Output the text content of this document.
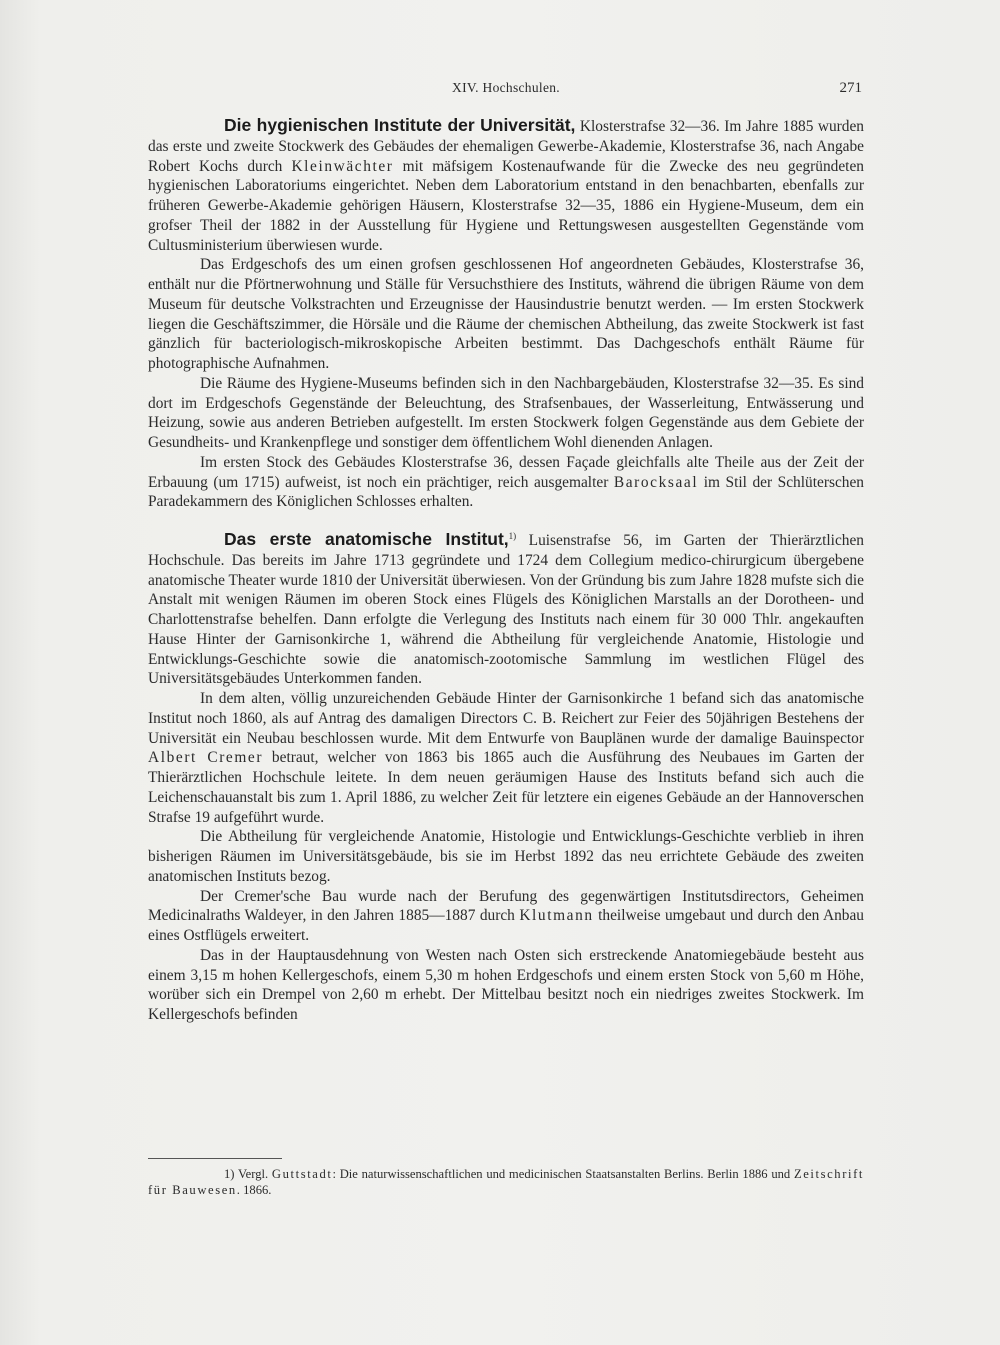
XIV. Hochschulen.	271

Die hygienischen Institute der Universität, Klosterstrafse 32—36. Im Jahre 1885 wurden das erste und zweite Stockwerk des Gebäudes der ehemaligen Gewerbe-Akademie, Klosterstrafse 36, nach Angabe Robert Kochs durch Kleinwächter mit mäfsigem Kostenaufwande für die Zwecke des neu gegründeten hygienischen Laboratoriums eingerichtet. Neben dem Laboratorium entstand in den benachbarten, ebenfalls zur früheren Gewerbe-Akademie gehörigen Häusern, Klosterstrafse 32—35, 1886 ein Hygiene-Museum, dem ein grofser Theil der 1882 in der Ausstellung für Hygiene und Rettungswesen ausgestellten Gegenstände vom Cultusministerium überwiesen wurde.

Das Erdgeschofs des um einen grofsen geschlossenen Hof angeordneten Gebäudes, Klosterstrafse 36, enthält nur die Pförtnerwohnung und Ställe für Versuchsthiere des Instituts, während die übrigen Räume von dem Museum für deutsche Volkstrachten und Erzeugnisse der Hausindustrie benutzt werden. — Im ersten Stockwerk liegen die Geschäftszimmer, die Hörsäle und die Räume der chemischen Abtheilung, das zweite Stockwerk ist fast gänzlich für bacteriologisch-mikroskopische Arbeiten bestimmt. Das Dachgeschofs enthält Räume für photographische Aufnahmen.

Die Räume des Hygiene-Museums befinden sich in den Nachbargebäuden, Klosterstrafse 32—35. Es sind dort im Erdgeschofs Gegenstände der Beleuchtung, des Strafsenbaues, der Wasserleitung, Entwässerung und Heizung, sowie aus anderen Betrieben aufgestellt. Im ersten Stockwerk folgen Gegenstände aus dem Gebiete der Gesundheits- und Krankenpflege und sonstiger dem öffentlichem Wohl dienenden Anlagen.

Im ersten Stock des Gebäudes Klosterstrafse 36, dessen Façade gleichfalls alte Theile aus der Zeit der Erbauung (um 1715) aufweist, ist noch ein prächtiger, reich ausgemalter Barocksaal im Stil der Schlüterschen Paradekammern des Königlichen Schlosses erhalten.

Das erste anatomische Institut,$^{1)}$ Luisenstrafse 56, im Garten der Thierärztlichen Hochschule. Das bereits im Jahre 1713 gegründete und 1724 dem Collegium medico-chirurgicum übergebene anatomische Theater wurde 1810 der Universität überwiesen. Von der Gründung bis zum Jahre 1828 mufste sich die Anstalt mit wenigen Räumen im oberen Stock eines Flügels des Königlichen Marstalls an der Dorotheen- und Charlottenstrafse behelfen. Dann erfolgte die Verlegung des Instituts nach einem für 30 000 Thlr. angekauften Hause Hinter der Garnisonkirche 1, während die Abtheilung für vergleichende Anatomie, Histologie und Entwicklungs-Geschichte sowie die anatomisch-zootomische Sammlung im westlichen Flügel des Universitätsgebäudes Unterkommen fanden.

In dem alten, völlig unzureichenden Gebäude Hinter der Garnisonkirche 1 befand sich das anatomische Institut noch 1860, als auf Antrag des damaligen Directors C. B. Reichert zur Feier des 50jährigen Bestehens der Universität ein Neubau beschlossen wurde. Mit dem Entwurfe von Bauplänen wurde der damalige Bauinspector Albert Cremer betraut, welcher von 1863 bis 1865 auch die Ausführung des Neubaues im Garten der Thierärztlichen Hochschule leitete. In dem neuen geräumigen Hause des Instituts befand sich auch die Leichenschauanstalt bis zum 1. April 1886, zu welcher Zeit für letztere ein eigenes Gebäude an der Hannoverschen Strafse 19 aufgeführt wurde.

Die Abtheilung für vergleichende Anatomie, Histologie und Entwicklungs-Geschichte verblieb in ihren bisherigen Räumen im Universitätsgebäude, bis sie im Herbst 1892 das neu errichtete Gebäude des zweiten anatomischen Instituts bezog.

Der Cremer'sche Bau wurde nach der Berufung des gegenwärtigen Institutsdirectors, Geheimen Medicinalraths Waldeyer, in den Jahren 1885—1887 durch Klutmann theilweise umgebaut und durch den Anbau eines Ostflügels erweitert.

Das in der Hauptausdehnung von Westen nach Osten sich erstreckende Anatomiegebäude besteht aus einem 3,15 m hohen Kellergeschofs, einem 5,30 m hohen Erdgeschofs und einem ersten Stock von 5,60 m Höhe, worüber sich ein Drempel von 2,60 m erhebt. Der Mittelbau besitzt noch ein niedriges zweites Stockwerk. Im Kellergeschofs befinden

1) Vergl. Guttstadt: Die naturwissenschaftlichen und medicinischen Staatsanstalten Berlins. Berlin 1886 und Zeitschrift für Bauwesen. 1866.
